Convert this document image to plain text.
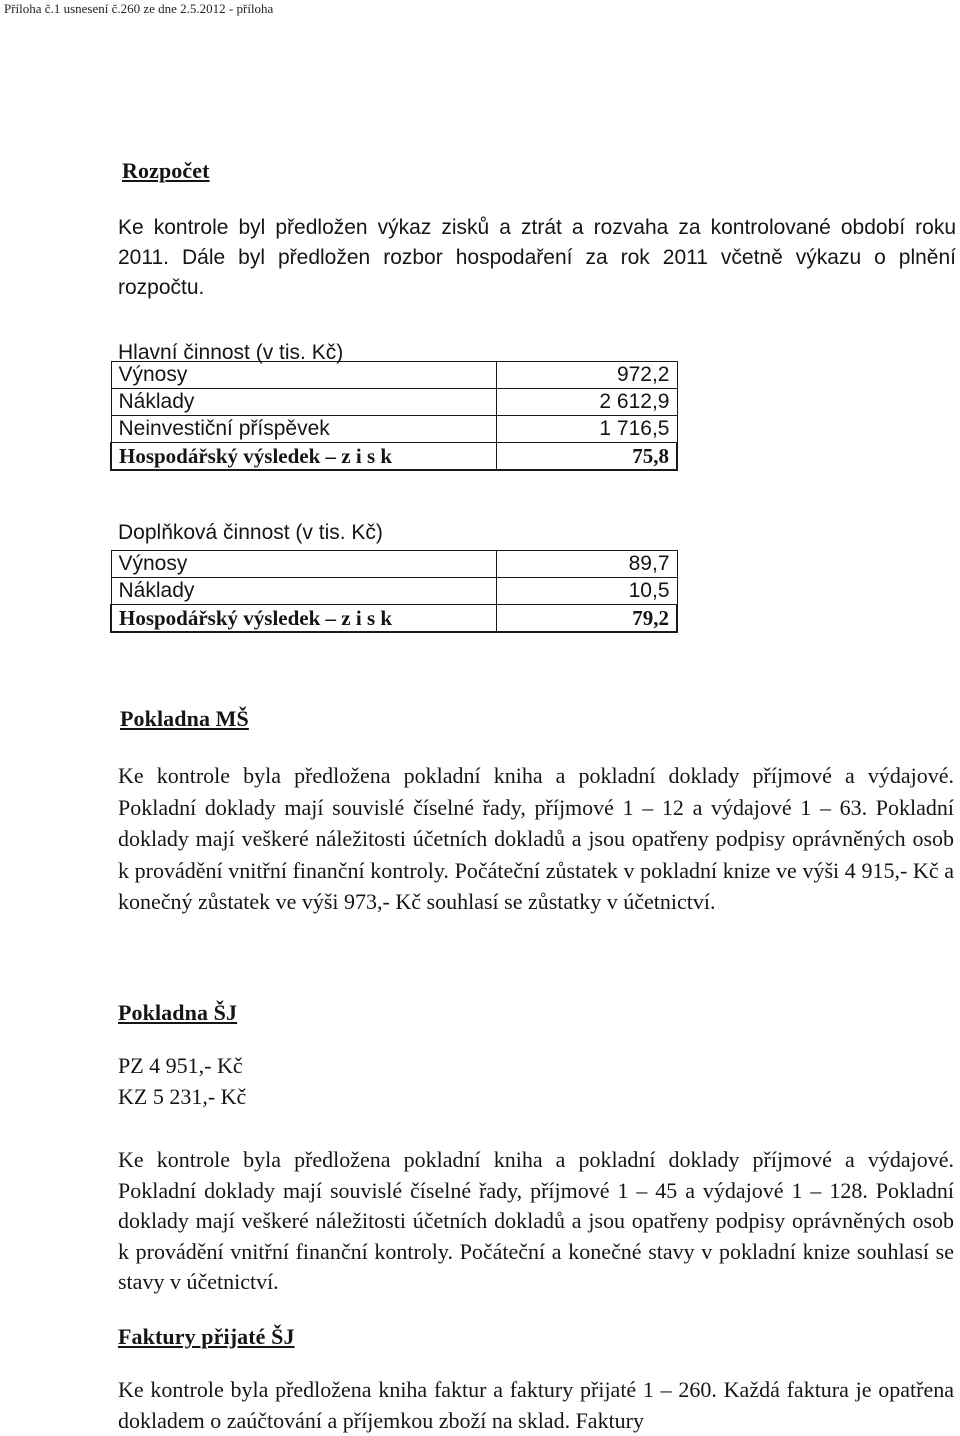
Příloha č.1 usnesení č.260 ze dne 2.5.2012 - příloha
Rozpočet
Ke kontrole byl předložen výkaz zisků a ztrát a rozvaha za kontrolované období roku 2011. Dále byl předložen rozbor hospodaření za rok 2011 včetně výkazu o plnění rozpočtu.
Hlavní činnost (v tis. Kč)
Výnosy	972,2
Náklady	2 612,9
Neinvestiční příspěvek	1 716,5
Hospodářský výsledek – z i s k	75,8
Doplňková činnost (v tis. Kč)
Výnosy	89,7
Náklady	10,5
Hospodářský výsledek – z i s k	79,2
Pokladna MŠ
Ke kontrole byla předložena pokladní kniha a pokladní doklady příjmové a výdajové. Pokladní doklady mají souvislé číselné řady, příjmové 1 – 12 a výdajové 1 – 63. Pokladní doklady mají veškeré náležitosti účetních dokladů a jsou opatřeny podpisy oprávněných osob k provádění vnitřní finanční kontroly. Počáteční zůstatek v pokladní knize ve výši 4 915,- Kč a konečný zůstatek ve výši 973,- Kč souhlasí se zůstatky v účetnictví.
Pokladna ŠJ
PZ 4 951,- Kč
KZ 5 231,- Kč
Ke kontrole byla předložena pokladní kniha a pokladní doklady příjmové a výdajové. Pokladní doklady mají souvislé číselné řady, příjmové 1 – 45 a výdajové 1 – 128. Pokladní doklady mají veškeré náležitosti účetních dokladů a jsou opatřeny podpisy oprávněných osob k provádění vnitřní finanční kontroly. Počáteční a konečné stavy v pokladní knize souhlasí se stavy v účetnictví.
Faktury přijaté ŠJ
Ke kontrole byla předložena kniha faktur a faktury přijaté 1 – 260. Každá faktura je opatřena dokladem o zaúčtování a příjemkou zboží na sklad. Faktury
